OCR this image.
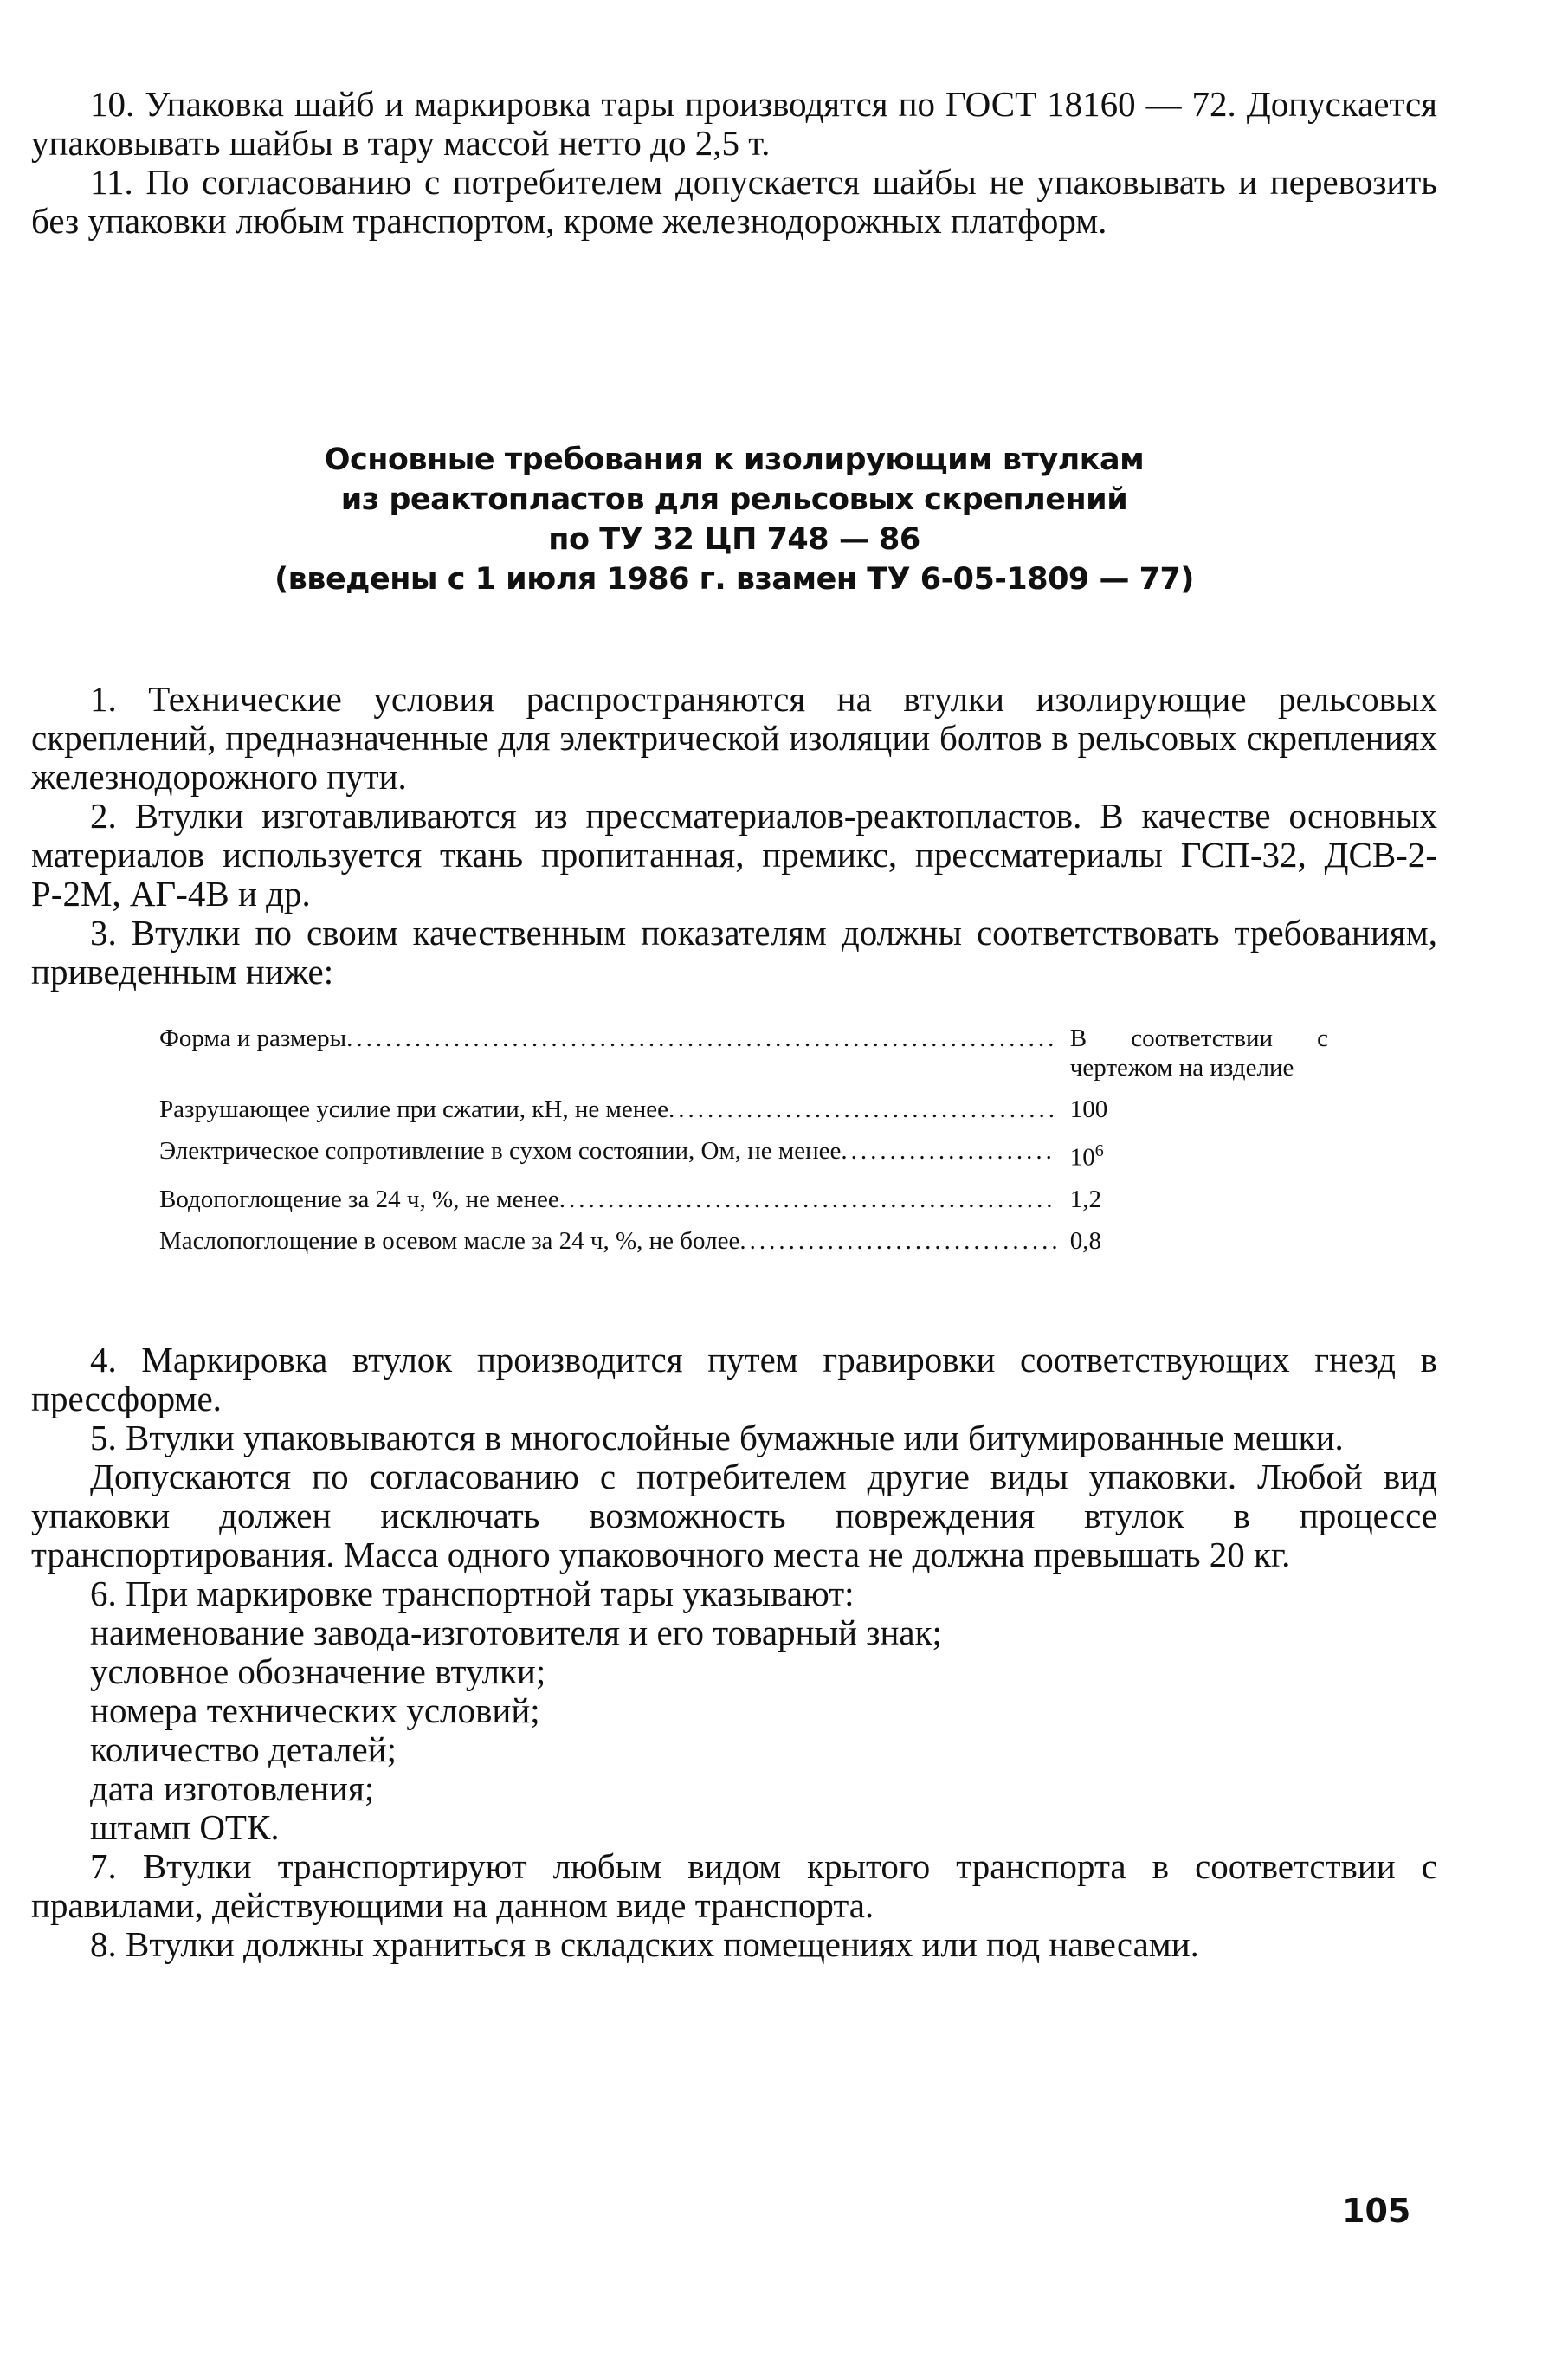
10. Упаковка шайб и маркировка тары производятся по ГОСТ 18160 — 72. Допускается упаковывать шайбы в тару массой нетто до 2,5 т.

11. По согласованию с потребителем допускается шайбы не упаковывать и перевозить без упаковки любым транспортом, кроме железнодорожных платформ.

Основные требования к изолирующим втулкам

из реактопластов для рельсовых скреплений

по ТУ 32 ЦП 748 — 86

(введены с 1 июля 1986 г. взамен ТУ 6-05-1809 — 77)

1. Технические условия распространяются на втулки изолирующие рельсовых скреплений, предназначенные для электрической изоляции болтов в рельсовых скреплениях железнодорожного пути.

2. Втулки изготавливаются из прессматериалов-реактопластов. В качестве основных материалов используется ткань пропитанная, премикс, прессматериалы ГСП-32, ДСВ-2-Р-2М, АГ-4В и др.

3. Втулки по своим качественным показателям должны соответствовать требованиям, приведенным ниже:

Форма и размеры .....	В соответствии с чертежом на изделие
Разрушающее усилие при сжатии, кН, не менее .....	100
Электрическое сопротивление в сухом состоянии, Ом, не менее .....	$10^6$
Водопоглощение за 24 ч, %, не менее .....	1,2
Маслопоглощение в осевом масле за 24 ч, %, не более .....	0,8

4. Маркировка втулок производится путем гравировки соответствующих гнезд в прессформе.

5. Втулки упаковываются в многослойные бумажные или битумированные мешки.

Допускаются по согласованию с потребителем другие виды упаковки. Любой вид упаковки должен исключать возможность повреждения втулок в процессе транспортирования. Масса одного упаковочного места не должна превышать 20 кг.

6. При маркировке транспортной тары указывают:

наименование завода-изготовителя и его товарный знак;

условное обозначение втулки;

номера технических условий;

количество деталей;

дата изготовления;

штамп ОТК.

7. Втулки транспортируют любым видом крытого транспорта в соответствии с правилами, действующими на данном виде транспорта.

8. Втулки должны храниться в складских помещениях или под навесами.

105
